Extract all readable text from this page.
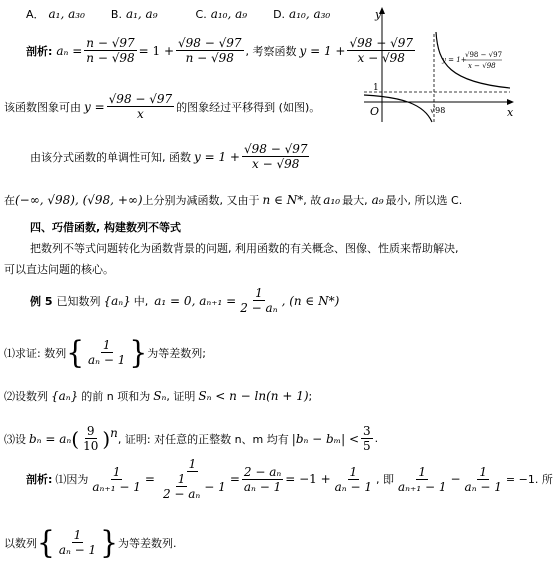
A． a₁, a₃₀ B. a₁, a₉	C. a₁₀, a₉ D. a₁₀, a₃₀
剖析: $a_n = \frac{n - √97}{n - √98} = 1 + \frac{√98 - √97}{n - √98}$ , 考察函数 $y = 1 + \frac{√98 - √97}{x - √98}$
y
x
O
1
√98
y = 1+
√98 − √97
x − √98
该函数图象可由 $y = \frac{√98 - √97}{x}$ 的图象经过平移得到 (如图)。
由该分式函数的单调性可知, 函数 $y = 1 + \frac{√98 - √97}{x - √98}$
在 (−∞, √98), (√98, +∞) 上分别为减函数, 又由于 n ∈ N* , 故 a₁₀ 最大, a₉ 最小, 所以选 C.
四、巧借函数, 构建数列不等式
把数列不等式问题转化为函数背景的问题, 利用函数的有关概念、图像、性质来帮助解决,
可以直达问题的核心。
例 5 已知数列 {aₙ} 中, a₁ = 0, $a_{n+1} = \frac{1}{\text{2 − aₙ}}$ , (n ∈ N*)
⑴求证: 数列 { $\frac{1}{\text{aₙ − 1}}$ } 为等差数列;
⑵设数列 {aₙ} 的前 n 项和为 Sₙ , 证明 Sₙ < n − ln(n + 1) ;
⑶设 bₙ = aₙ ( $\frac{9}{10} )^n$ , 证明: 对任意的正整数 n、m 均有 $|b_n - b_m| < \frac{3}{5}$ .
剖析: ⑴因为 $\frac{1}{\text{aₙ₊₁ − 1}} = \frac{1}{\frac{1}{\text{2 − aₙ}} - 1} = \frac{\text{2 − aₙ}}{\text{aₙ − 1}} = -1 + \frac{1}{\text{aₙ − 1}}$ , 即 $\frac{1}{\text{aₙ₊₁ − 1}} - \frac{1}{\text{aₙ − 1}} = -1$. 所
以数列 { $\frac{1}{\text{aₙ − 1}}$ } 为等差数列.
